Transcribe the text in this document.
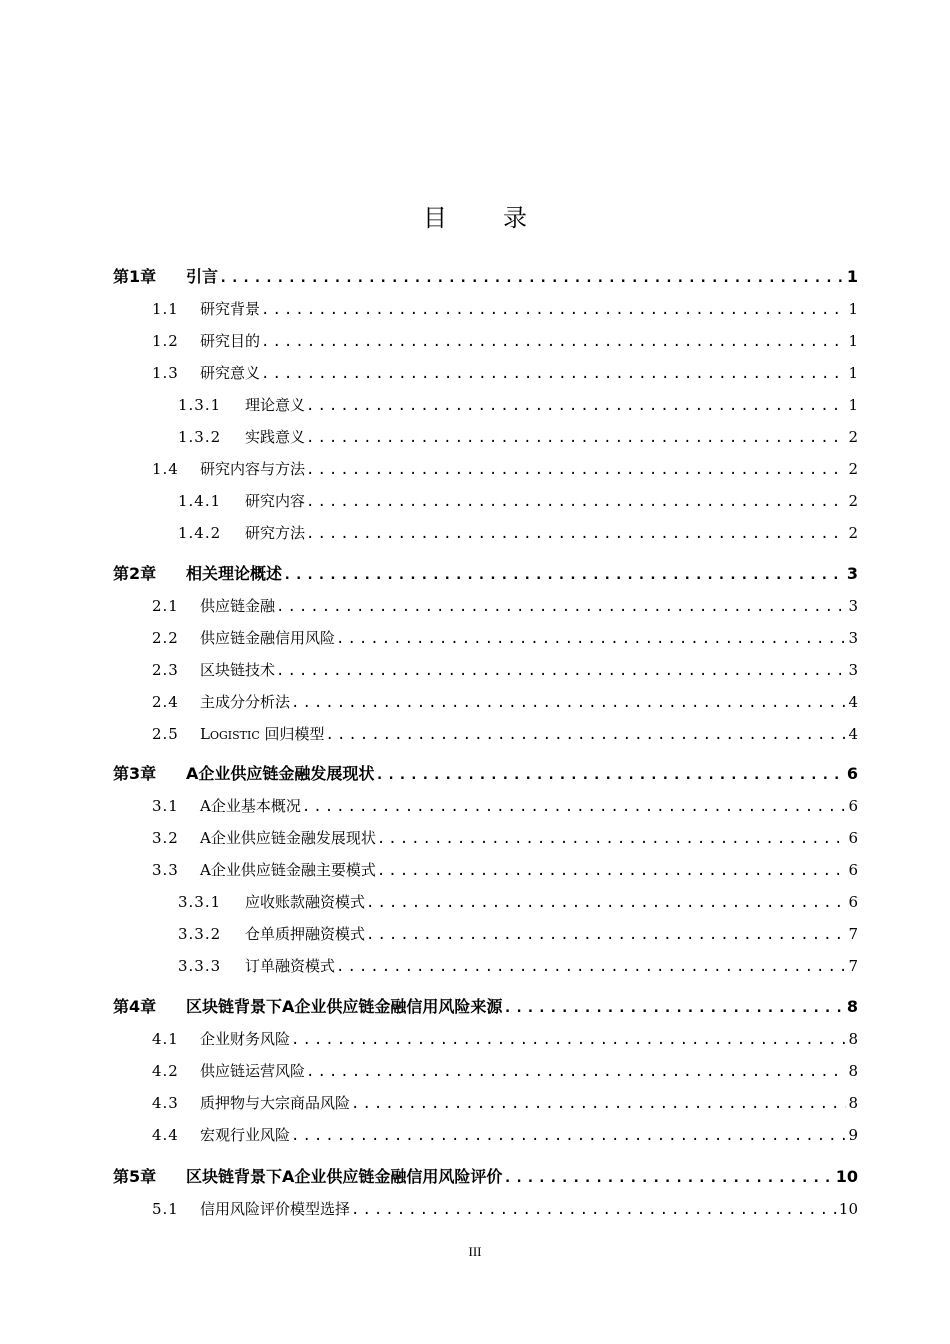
目录
第1章	引言 .....	1
1.1	研究背景 .....	1
1.2	研究目的 .....	1
1.3	研究意义 .....	1
1.3.1	理论意义 .....	1
1.3.2	实践意义 .....	2
1.4	研究内容与方法 .....	2
1.4.1	研究内容 .....	2
1.4.2	研究方法 .....	2
第2章	相关理论概述 .....	3
2.1	供应链金融 .....	3
2.2	供应链金融信用风险 .....	3
2.3	区块链技术 .....	3
2.4	主成分分析法 .....	4
2.5	Logistic 回归模型 .....	4
第3章	A企业供应链金融发展现状 .....	6
3.1	A企业基本概况 .....	6
3.2	A企业供应链金融发展现状 .....	6
3.3	A企业供应链金融主要模式 .....	6
3.3.1	应收账款融资模式 .....	6
3.3.2	仓单质押融资模式 .....	7
3.3.3	订单融资模式 .....	7
第4章	区块链背景下A企业供应链金融信用风险来源 .....	8
4.1	企业财务风险 .....	8
4.2	供应链运营风险 .....	8
4.3	质押物与大宗商品风险 .....	8
4.4	宏观行业风险 .....	9
第5章	区块链背景下A企业供应链金融信用风险评价 .....	10
5.1	信用风险评价模型选择 .....	10
III
